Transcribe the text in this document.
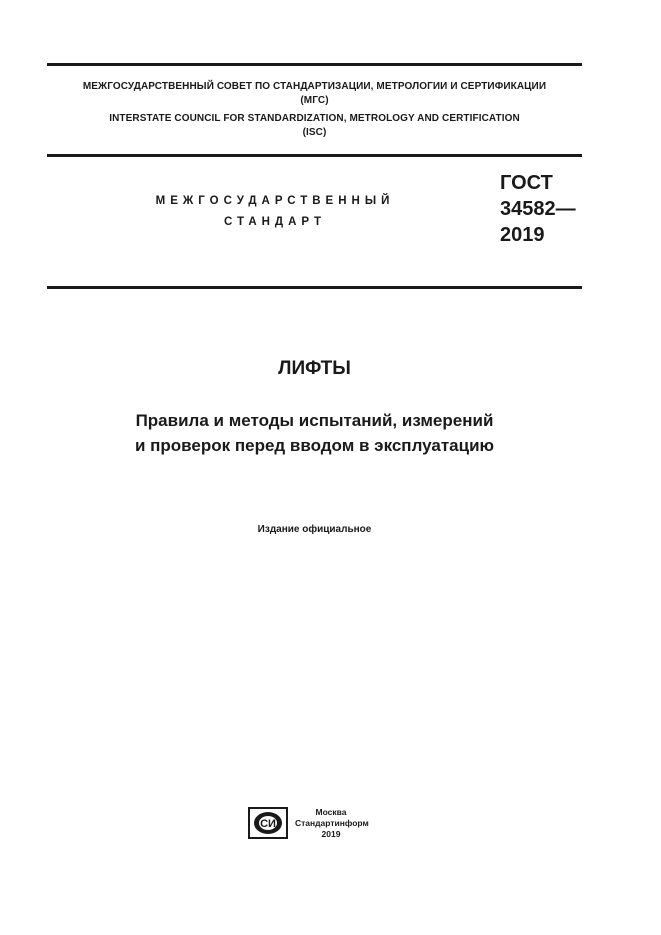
МЕЖГОСУДАРСТВЕННЫЙ СОВЕТ ПО СТАНДАРТИЗАЦИИ, МЕТРОЛОГИИ И СЕРТИФИКАЦИИ
(МГС)
INTERSTATE COUNCIL FOR STANDARDIZATION, METROLOGY AND CERTIFICATION
(ISC)
МЕЖГОСУДАРСТВЕННЫЙ
СТАНДАРТ
ГОСТ
34582—
2019
ЛИФТЫ
Правила и методы испытаний, измерений
и проверок перед вводом в эксплуатацию
Издание официальное
СИ
Москва
Стандартинформ
2019
